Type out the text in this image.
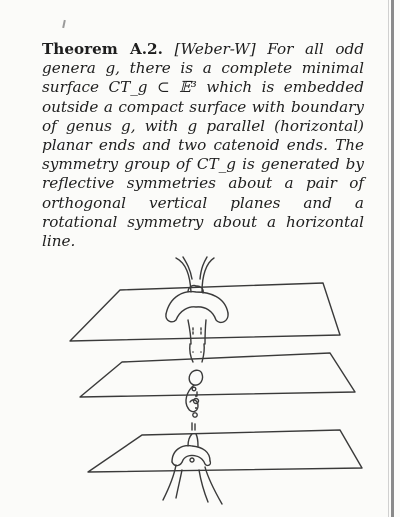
Theorem A.2. [Weber-W] For all odd genera g, there is a complete minimal surface CT_g ⊂ 𝔼³ which is embedded outside a compact surface with boundary of genus g, with g parallel (horizontal) planar ends and two catenoid ends. The symmetry group of CT_g is generated by reflective symmetries about a pair of orthogonal vertical planes and a rotational symmetry about a horizontal line.
